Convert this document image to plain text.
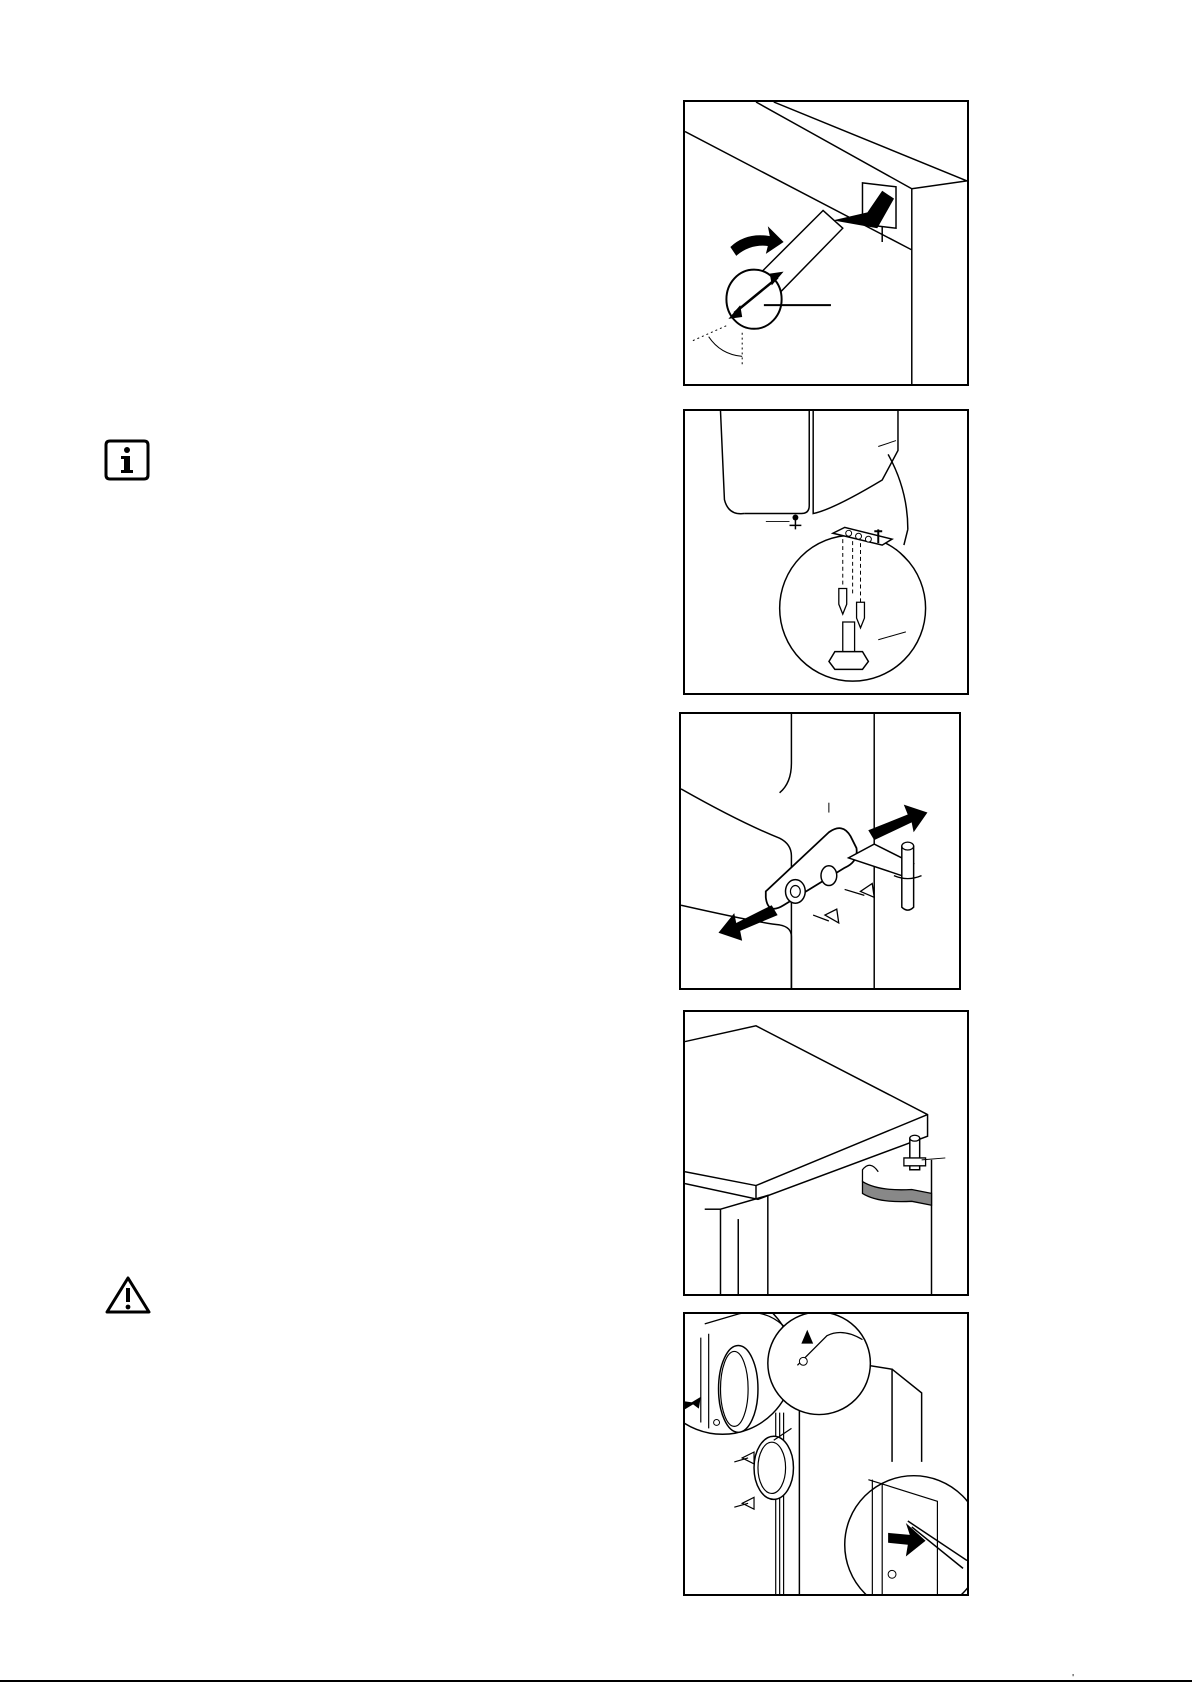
'
